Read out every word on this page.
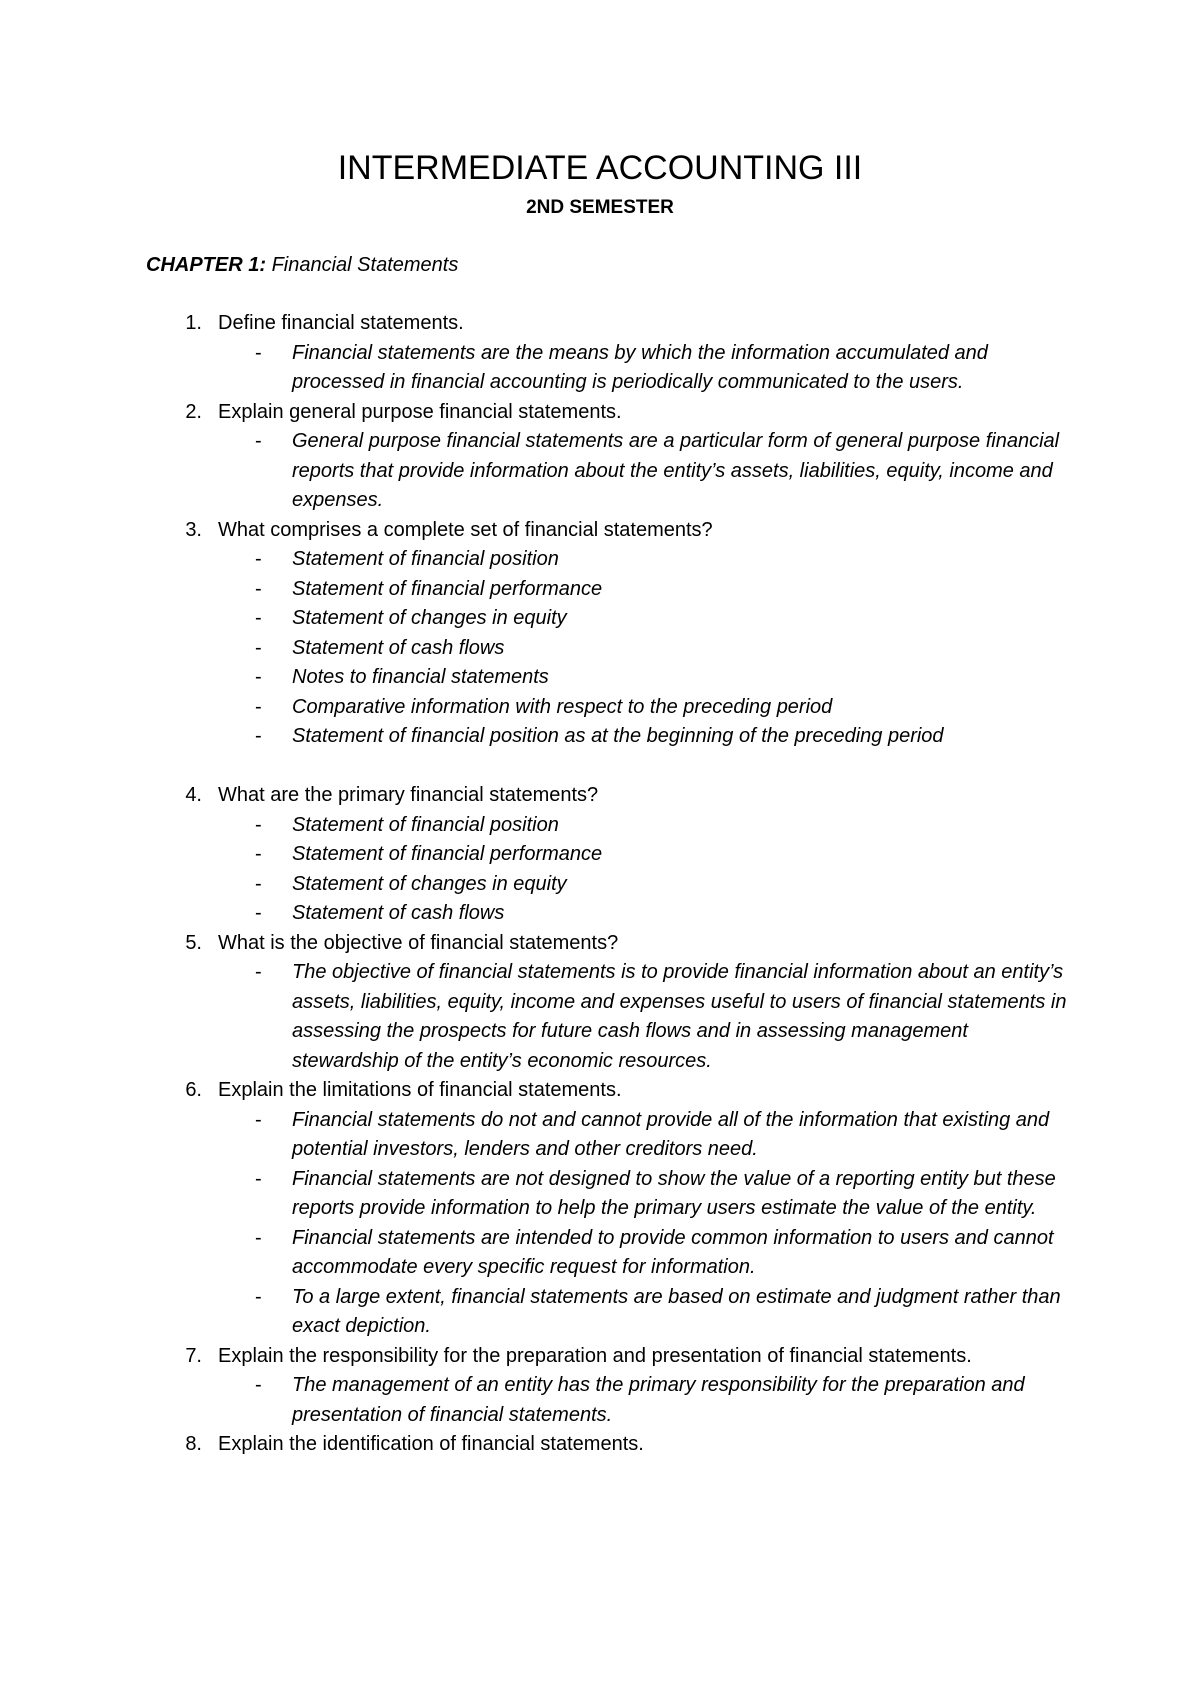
INTERMEDIATE ACCOUNTING III
2ND SEMESTER

CHAPTER 1: Financial Statements

1. Define financial statements.
- Financial statements are the means by which the information accumulated and processed in financial accounting is periodically communicated to the users.
2. Explain general purpose financial statements.
- General purpose financial statements are a particular form of general purpose financial reports that provide information about the entity’s assets, liabilities, equity, income and expenses.
3. What comprises a complete set of financial statements?
- Statement of financial position
- Statement of financial performance
- Statement of changes in equity
- Statement of cash flows
- Notes to financial statements
- Comparative information with respect to the preceding period
- Statement of financial position as at the beginning of the preceding period
4. What are the primary financial statements?
- Statement of financial position
- Statement of financial performance
- Statement of changes in equity
- Statement of cash flows
5. What is the objective of financial statements?
- The objective of financial statements is to provide financial information about an entity’s assets, liabilities, equity, income and expenses useful to users of financial statements in assessing the prospects for future cash flows and in assessing management stewardship of the entity’s economic resources.
6. Explain the limitations of financial statements.
- Financial statements do not and cannot provide all of the information that existing and potential investors, lenders and other creditors need.
- Financial statements are not designed to show the value of a reporting entity but these reports provide information to help the primary users estimate the value of the entity.
- Financial statements are intended to provide common information to users and cannot accommodate every specific request for information.
- To a large extent, financial statements are based on estimate and judgment rather than exact depiction.
7. Explain the responsibility for the preparation and presentation of financial statements.
- The management of an entity has the primary responsibility for the preparation and presentation of financial statements.
8. Explain the identification of financial statements.
